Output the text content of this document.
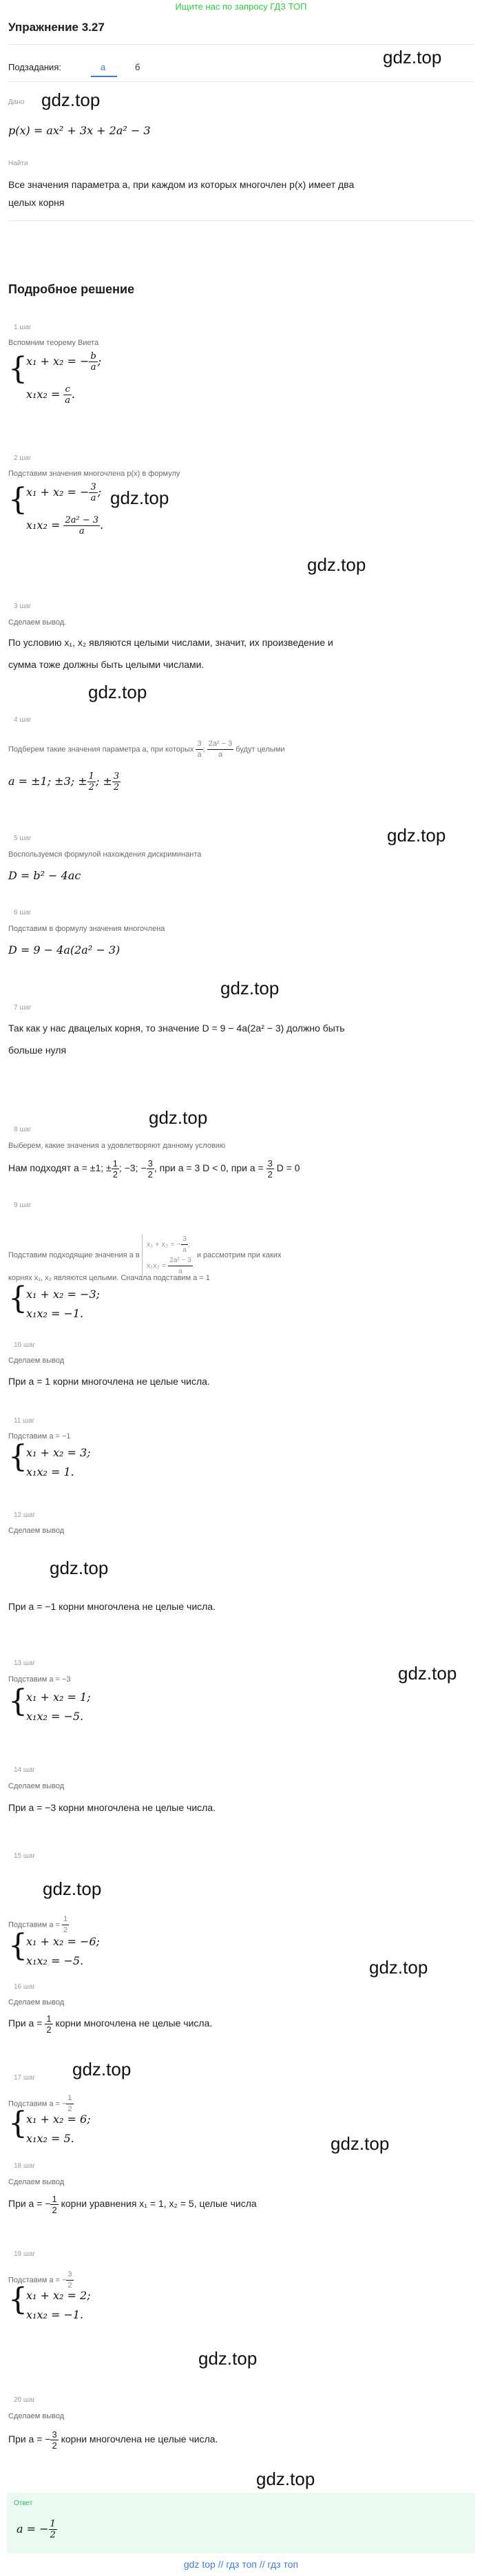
Ищите нас по запросу ГДЗ ТОП
Упражнение 3.27
Подзадания:	а	б	gdz.top
gdz.top
gdz.top
gdz.top
gdz.top
gdz.top
gdz.top
gdz.top
gdz.top
gdz.top
gdz.top
gdz.top
gdz.top
gdz.top
gdz.top
gdz.top
Дано
p(x) = ax² + 3x + 2a² − 3
Найти
Все значения параметра a, при каждом из которых многочлен p(x) имеет два
целых корня
Подробное решение
1 шаг
Вспомним теорему Виета
{
x₁ + x₂ = − $\frac{b}{a}$ ;
$x_1x_2 = \frac{c}{a}$ .
2 шаг
Подставим значения многочлена p(x) в формулу
{
x₁ + x₂ = − $\frac{3}{a}$ ;
$x_1x_2 = \frac{\text{2a² − 3}}{a}$ .
3 шаг
Сделаем вывод.
По условию x₁, x₂ являются целыми числами, значит, их произведение и
сумма тоже должны быть целыми числами.
4 шаг
Подберем такие значения параметра a, при которых $\frac{3}{a}$ ; $\frac{\text{2a² − 3}}{a}$ будут целыми
a = ±1; ±3; ± $\frac{1}{2}$ ; ± $\frac{3}{2}$
5 шаг
Воспользуемся формулой нахождения дискриминанта
D = b² − 4ac
6 шаг
Подставим в формулу значения многочлена
D = 9 − 4a(2a² − 3)
7 шаг
Так как у нас двацелых корня, то значение D = 9 − 4a(2a² − 3) должно быть
больше нуля
8 шаг
Выберем, какие значения a удовлетворяют данному условию
Нам подходят a = ±1; ± $\frac{1}{2}$ ; −3; − $\frac{3}{2}$ , при a = 3 D < 0, при $a = \frac{3}{2}$ D = 0
9 шаг
Подставим подходящие значения a в
x₁ + x₂ = − $\frac{3}{a}$ ;
$x_1x_2 = \frac{\text{2a² − 3}}{a}$ .
и рассмотрим при каких
корнях x₁, x₂ являются целыми. Сначала подставим a = 1
{
x₁ + x₂ = −3;
x₁x₂ = −1.
10 шаг
Сделаем вывод
При a = 1 корни многочлена не целые числа.
11 шаг
Подставим a = −1
{
x₁ + x₂ = 3;
x₁x₂ = 1.
12 шаг
Сделаем вывод
При a = −1 корни многочлена не целые числа.
13 шаг
Подставим a = −3
{
x₁ + x₂ = 1;
x₁x₂ = −5.
14 шаг
Сделаем вывод
При a = −3 корни многочлена не целые числа.
15 шаг
Подставим $a = \frac{1}{2}$
{
x₁ + x₂ = −6;
x₁x₂ = −5.
16 шаг
Сделаем вывод
При $a = \frac{1}{2}$ корни многочлена не целые числа.
17 шаг
Подставим a = − $\frac{1}{2}$
{
x₁ + x₂ = 6;
x₁x₂ = 5.
18 шаг
Сделаем вывод
При a = − $\frac{1}{2}$ корни уравнения x₁ = 1, x₂ = 5, целые числа
19 шаг
Подставим a = − $\frac{3}{2}$
{
x₁ + x₂ = 2;
x₁x₂ = −1.
20 шаг
Сделаем вывод
При a = − $\frac{3}{2}$ корни многочлена не целые числа.
Ответ
a = − $\frac{1}{2}$
gdz top // гдз топ // гдз топ
